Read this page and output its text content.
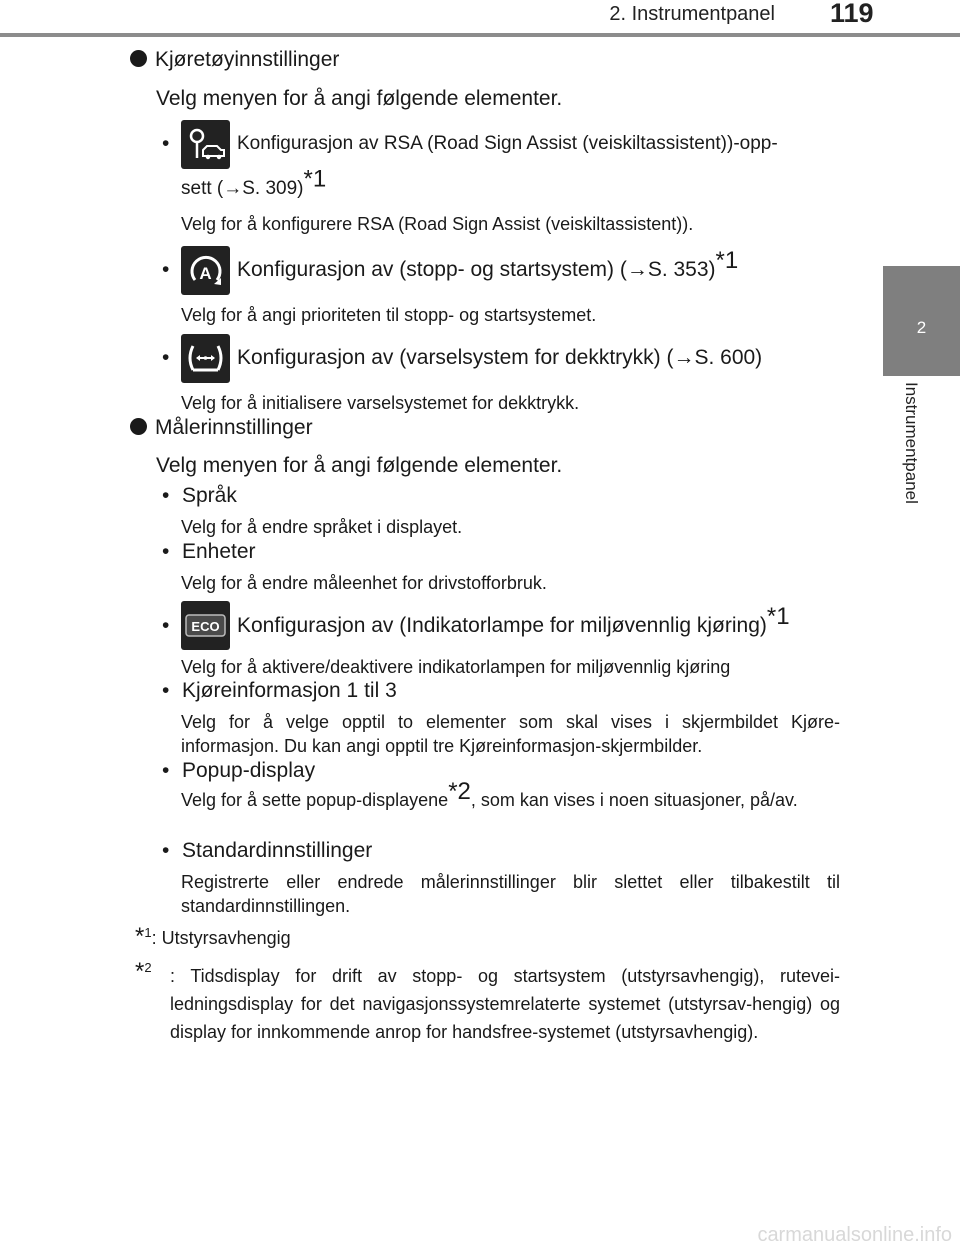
2. Instrumentpanel 119
2
Instrumentpanel
Kjøretøyinnstillinger
Velg menyen for å angi følgende elementer.
•	Konfigurasjon av RSA (Road Sign Assist (veiskiltassistent))-opp-
sett (→S. 309)*1
Velg for å konfigurere RSA (Road Sign Assist (veiskiltassistent)).
•	A Konfigurasjon av (stopp- og startsystem) (→S. 353)*1
Velg for å angi prioriteten til stopp- og startsystemet.
•	Konfigurasjon av (varselsystem for dekktrykk) (→S. 600)
Velg for å initialisere varselsystemet for dekktrykk.
Målerinnstillinger
Velg menyen for å angi følgende elementer.
• Språk
Velg for å endre språket i displayet.
• Enheter
Velg for å endre måleenhet for drivstofforbruk.
•	ECO Konfigurasjon av (Indikatorlampe for miljøvennlig kjøring)*1
Velg for å aktivere/deaktivere indikatorlampen for miljøvennlig kjøring
• Kjøreinformasjon 1 til 3
Velg for å velge opptil to elementer som skal vises i skjermbildet Kjøre-informasjon. Du kan angi opptil tre Kjøreinformasjon-skjermbilder.
• Popup-display
Velg for å sette popup-displayene*2, som kan vises i noen situasjoner, på/av.
• Standardinnstillinger
Registrerte eller endrede målerinnstillinger blir slettet eller tilbakestilt til standardinnstillingen.
*$^1$: Utstyrsavhengig
*$^2$ : Tidsdisplay for drift av stopp- og startsystem (utstyrsavhengig), rutevei-ledningsdisplay for det navigasjonssystemrelaterte systemet (utstyrsav-hengig) og display for innkommende anrop for handsfree-systemet (utstyrsavhengig).
carmanualsonline.info
